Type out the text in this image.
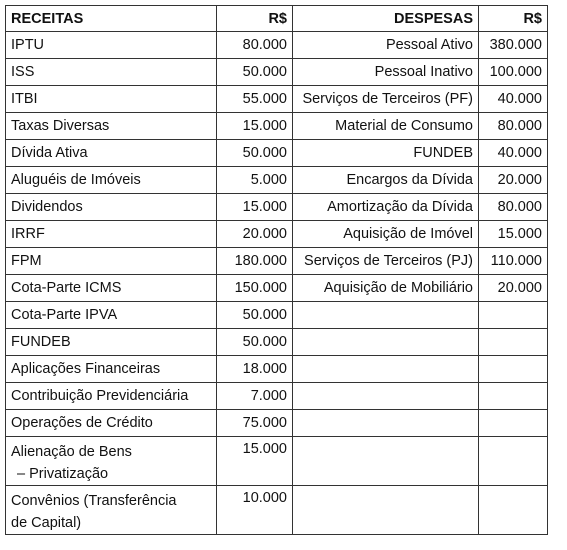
RECEITAS	R$	DESPESAS	R$
IPTU	80.000	Pessoal Ativo	380.000
ISS	50.000	Pessoal Inativo	100.000
ITBI	55.000	Serviços de Terceiros (PF)	40.000
Taxas Diversas	15.000	Material de Consumo	80.000
Dívida Ativa	50.000	FUNDEB	40.000
Aluguéis de Imóveis	5.000	Encargos da Dívida	20.000
Dividendos	15.000	Amortização da Dívida	80.000
IRRF	20.000	Aquisição de Imóvel	15.000
FPM	180.000	Serviços de Terceiros (PJ)	110.000
Cota-Parte ICMS	150.000	Aquisição de Mobiliário	20.000
Cota-Parte IPVA	50.000		
FUNDEB	50.000		
Aplicações Financeiras	18.000		
Contribuição Previdenciária	7.000		
Operações de Crédito	75.000		

Alienação de Bens
– Privatização	15.000		

Convênios (Transferência
de Capital)	10.000		
